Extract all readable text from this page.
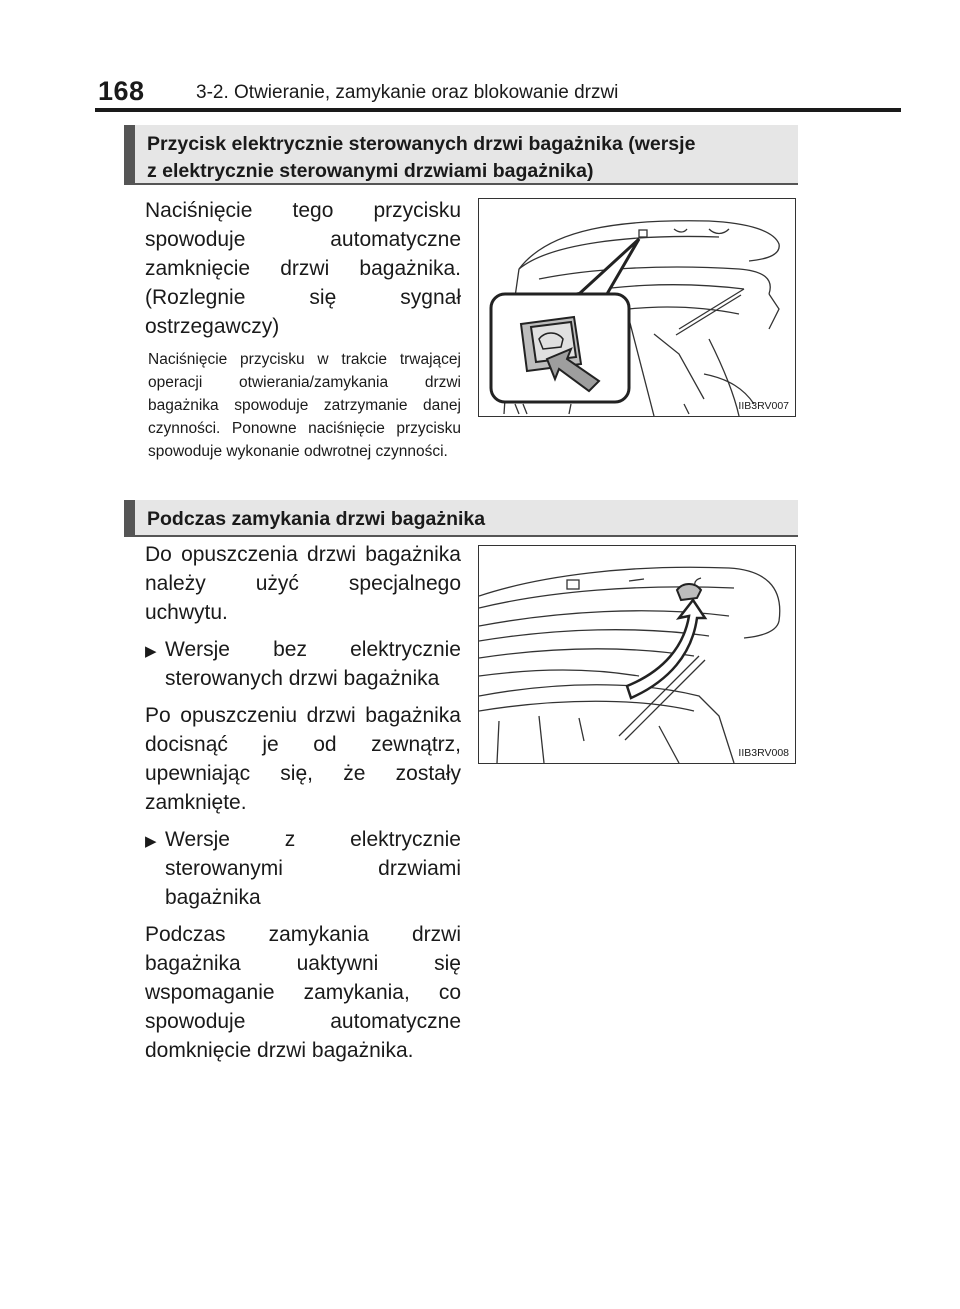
168	3-2. Otwieranie, zamykanie oraz blokowanie drzwi
Przycisk elektrycznie sterowanych drzwi bagażnika (wersje
z elektrycznie sterowanymi drzwiami bagażnika)

Naciśnięcie tego przycisku spowoduje automatyczne zamknięcie drzwi bagażnika. (Rozlegnie się sygnał ostrzegawczy)

Naciśnięcie przycisku w trakcie trwającej operacji otwierania/zamykania drzwi bagażnika spowoduje zatrzymanie danej czynności. Ponowne naciśnięcie przycisku spowoduje wykonanie odwrotnej czynności.

IIB3RV007
Podczas zamykania drzwi bagażnika

Do opuszczenia drzwi bagażnika należy użyć specjalnego uchwytu.

▶ Wersje bez elektrycznie sterowanych drzwi bagażnika

Po opuszczeniu drzwi bagażnika docisnąć je od zewnątrz, upewniając się, że zostały zamknięte.

▶ Wersje z elektrycznie sterowanymi drzwiami bagażnika

Podczas zamykania drzwi bagażnika uaktywni się wspomaganie zamykania, co spowoduje automatyczne domknięcie drzwi bagażnika.

IIB3RV008
